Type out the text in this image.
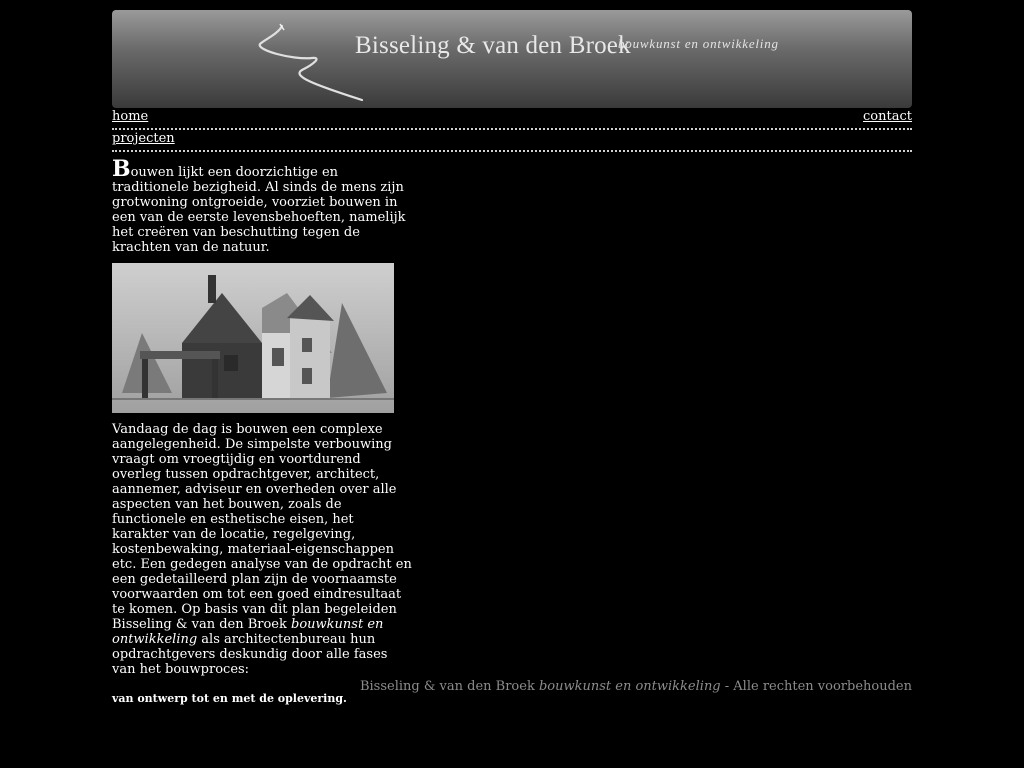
Bisseling & van den Broek
bouwkunst en ontwikkeling
home	contact
projecten
Bouwen lijkt een doorzichtige en traditionele bezigheid. Al sinds de mens zijn grotwoning ontgroeide, voorziet bouwen in een van de eerste levensbehoeften, namelijk het creëren van beschutting tegen de krachten van de natuur.
Vandaag de dag is bouwen een complexe aangelegenheid. De simpelste verbouwing vraagt om vroegtijdig en voortdurend overleg tussen opdrachtgever, architect, aannemer, adviseur en overheden over alle aspecten van het bouwen, zoals de functionele en esthetische eisen, het karakter van de locatie, regelgeving, kostenbewaking, materiaal-eigenschappen etc. Een gedegen analyse van de opdracht en een gedetailleerd plan zijn de voornaamste voorwaarden om tot een goed eindresultaat te komen. Op basis van dit plan begeleiden Bisseling & van den Broek bouwkunst en ontwikkeling als architectenbureau hun opdrachtgevers deskundig door alle fases van het bouwproces:
van ontwerp tot en met de oplevering.
Bisseling & van den Broek bouwkunst en ontwikkeling - Alle rechten voorbehouden
